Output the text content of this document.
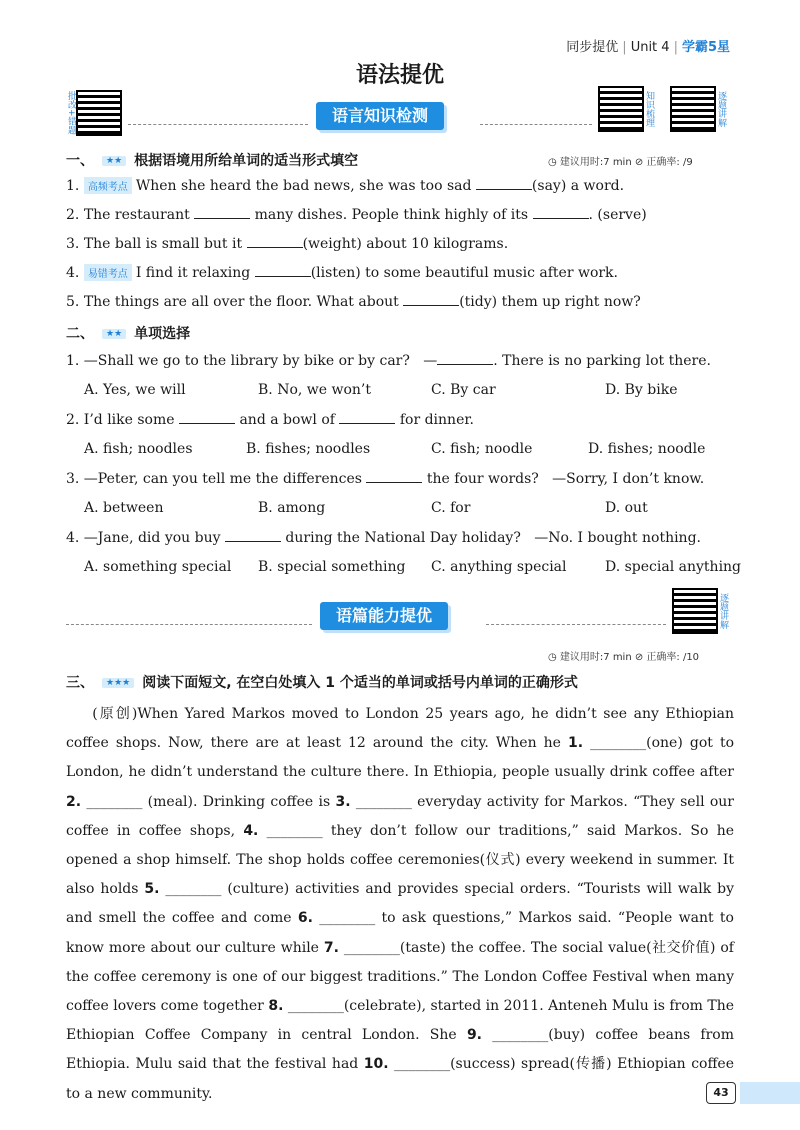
同步提优 | Unit 4 | 学霸5星
语法提优
批改+错题	语言知识检测	知识梳理	逐题讲解
一、 ★★ 根据语境用所给单词的适当形式填空	◷ 建议用时:7 min ⊘ 正确率: /9
1. 高频考点 When she heard the bad news, she was too sad	(say) a word.
2. The restaurant	many dishes. People think highly of its	. (serve)
3. The ball is small but it	(weight) about 10 kilograms.
4. 易错考点 I find it relaxing	(listen) to some beautiful music after work.
5. The things are all over the floor. What about	(tidy) them up right now?
二、 ★★ 单项选择
1. —Shall we go to the library by bike or by car? —	. There is no parking lot there.
A. Yes, we will	B. No, we won’t	C. By car	D. By bike
2. I’d like some	and a bowl of	for dinner.
A. fish; noodles	B. fishes; noodles	C. fish; noodle	D. fishes; noodle
3. —Peter, can you tell me the differences	the four words? —Sorry, I don’t know.
A. between	B. among	C. for	D. out
4. —Jane, did you buy	during the National Day holiday? —No. I bought nothing.
A. something special B. special something C. anything special	D. special anything
语篇能力提优	逐题讲解
◷ 建议用时:7 min ⊘ 正确率: /10
三、 ★★★ 阅读下面短文, 在空白处填入 1 个适当的单词或括号内单词的正确形式
(原创)When Yared Markos moved to London 25 years ago, he didn’t see any Ethiopian coffee shops. Now, there are at least 12 around the city. When he 1. ________(one) got to London, he didn’t understand the culture there. In Ethiopia, people usually drink coffee after 2. ________ (meal). Drinking coffee is 3. ________ everyday activity for Markos. “They sell our coffee in coffee shops, 4. ________ they don’t follow our traditions,” said Markos. So he opened a shop himself. The shop holds coffee ceremonies(仪式) every weekend in summer. It also holds 5. ________ (culture) activities and provides special orders. “Tourists will walk by and smell the coffee and come 6. ________ to ask questions,” Markos said. “People want to know more about our culture while 7. ________(taste) the coffee. The social value(社交价值) of the coffee ceremony is one of our biggest traditions.” The London Coffee Festival when many coffee lovers come together 8. ________(celebrate), started in 2011. Anteneh Mulu is from The Ethiopian Coffee Company in central London. She 9. ________(buy) coffee beans from Ethiopia. Mulu said that the festival had 10. ________(success) spread(传播) Ethiopian coffee to a new community.	43
